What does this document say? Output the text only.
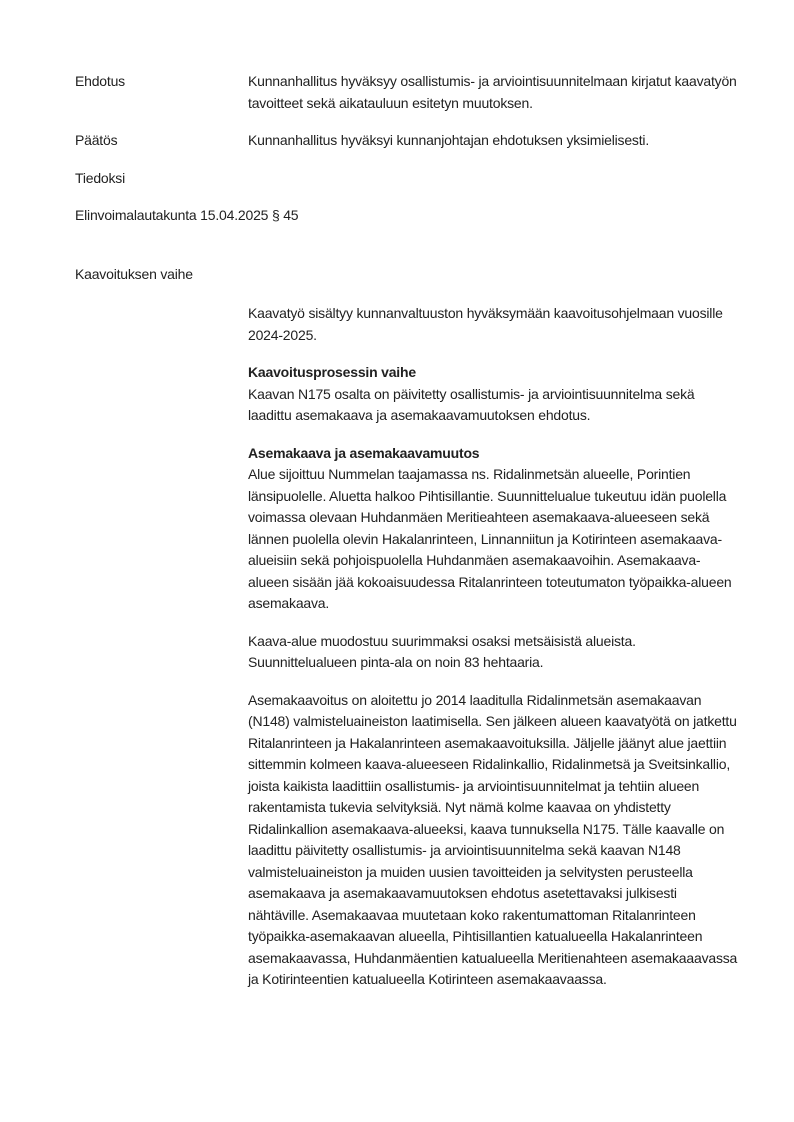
Ehdotus	Kunnanhallitus hyväksyy osallistumis- ja arviointisuunnitelmaan kirjatut kaavatyön tavoitteet sekä aikatauluun esitetyn muutoksen.

Päätös	Kunnanhallitus hyväksyi kunnanjohtajan ehdotuksen yksimielisesti.

Tiedoksi
Elinvoimalautakunta 15.04.2025 § 45
Kaavoituksen vaihe

Kaavatyö sisältyy kunnanvaltuuston hyväksymään kaavoitusohjelmaan vuosille 2024-2025.

Kaavoitusprosessin vaihe

Kaavan N175 osalta on päivitetty osallistumis- ja arviointisuunnitelma sekä laadittu asemakaava ja asemakaavamuutoksen ehdotus.

Asemakaava ja asemakaavamuutos

Alue sijoittuu Nummelan taajamassa ns. Ridalinmetsän alueelle, Porintien länsipuolelle. Aluetta halkoo Pihtisillantie. Suunnittelualue tukeutuu idän puolella voimassa olevaan Huhdanmäen Meritieahteen asemakaava-alueeseen sekä lännen puolella olevin Hakalanrinteen, Linnanniitun ja Kotirinteen asemakaava-alueisiin sekä pohjoispuolella Huhdanmäen asemakaavoihin. Asemakaava-alueen sisään jää kokoaisuudessa Ritalanrinteen toteutumaton työpaikka-alueen asemakaava.

Kaava-alue muodostuu suurimmaksi osaksi metsäisistä alueista. Suunnittelualueen pinta-ala on noin 83 hehtaaria.

Asemakaavoitus on aloitettu jo 2014 laaditulla Ridalinmetsän asemakaavan (N148) valmisteluaineiston laatimisella. Sen jälkeen alueen kaavatyötä on jatkettu Ritalanrinteen ja Hakalanrinteen asemakaavoituksilla. Jäljelle jäänyt alue jaettiin sittemmin kolmeen kaava-alueeseen Ridalinkallio, Ridalinmetsä ja Sveitsinkallio, joista kaikista laadittiin osallistumis- ja arviointisuunnitelmat ja tehtiin alueen rakentamista tukevia selvityksiä. Nyt nämä kolme kaavaa on yhdistetty Ridalinkallion asemakaava-alueeksi, kaava tunnuksella N175. Tälle kaavalle on laadittu päivitetty osallistumis- ja arviointisuunnitelma sekä kaavan N148 valmisteluaineiston ja muiden uusien tavoitteiden ja selvitysten perusteella asemakaava ja asemakaavamuutoksen ehdotus asetettavaksi julkisesti nähtäville. Asemakaavaa muutetaan koko rakentumattoman Ritalanrinteen työpaikka-asemakaavan alueella, Pihtisillantien katualueella Hakalanrinteen asemakaavassa, Huhdanmäentien katualueella Meritienahteen asemakaaavassa ja Kotirinteentien katualueella Kotirinteen asemakaavaassa.
